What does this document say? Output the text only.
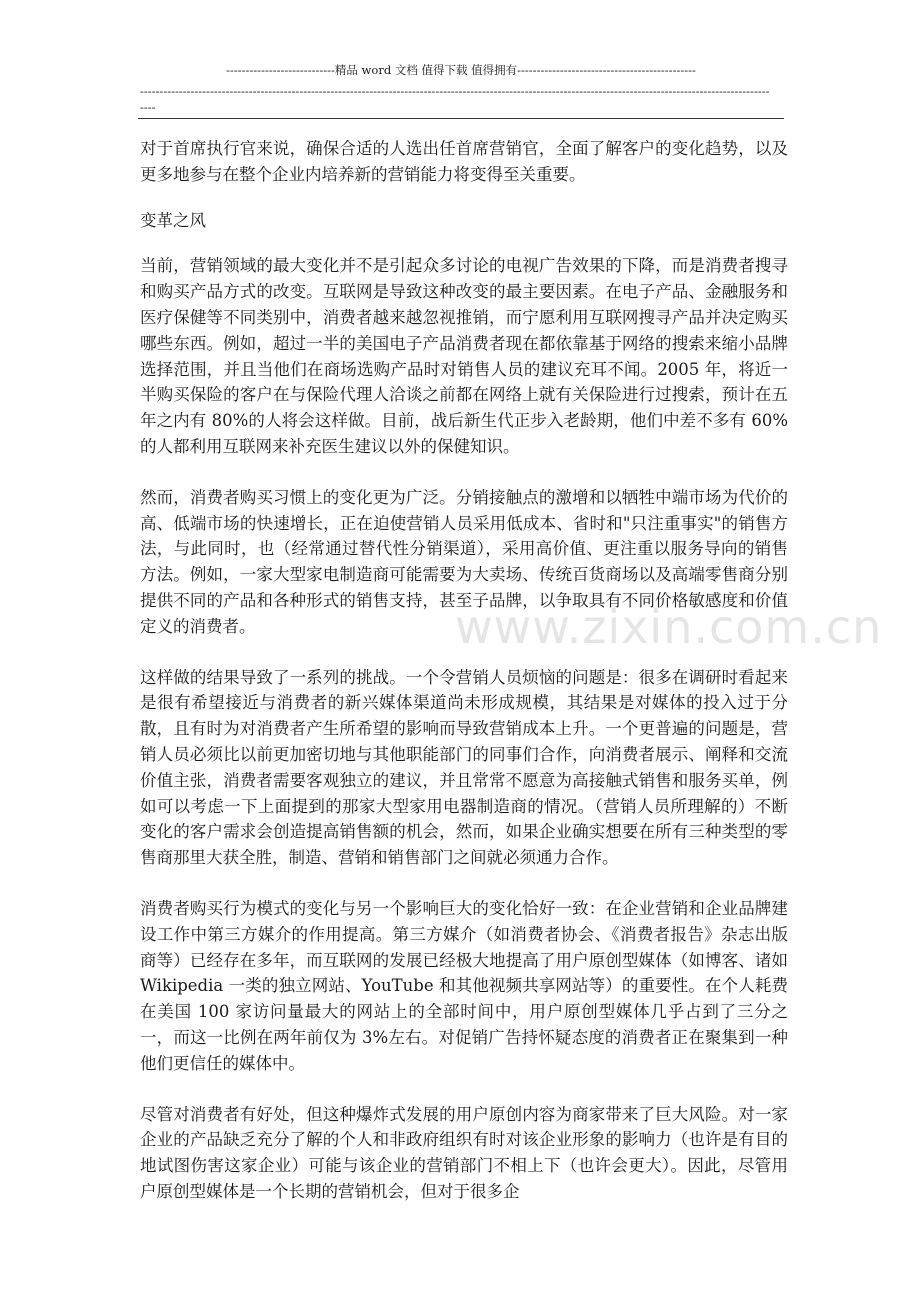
----------------------------精品 word 文档 值得下载 值得拥有----------------------------------------------
------------------------------------------------------------------------------------------------------------------------------------------------------------------
----

对于首席执行官来说，确保合适的人选出任首席营销官，全面了解客户的变化趋势，以及更多地参与在整个企业内培养新的营销能力将变得至关重要。

变革之风

当前，营销领域的最大变化并不是引起众多讨论的电视广告效果的下降，而是消费者搜寻和购买产品方式的改变。互联网是导致这种改变的最主要因素。在电子产品、金融服务和医疗保健等不同类别中，消费者越来越忽视推销，而宁愿利用互联网搜寻产品并决定购买哪些东西。例如，超过一半的美国电子产品消费者现在都依靠基于网络的搜索来缩小品牌选择范围，并且当他们在商场选购产品时对销售人员的建议充耳不闻。2005 年，将近一半购买保险的客户在与保险代理人洽谈之前都在网络上就有关保险进行过搜索，预计在五年之内有 80%的人将会这样做。目前，战后新生代正步入老龄期，他们中差不多有 60%的人都利用互联网来补充医生建议以外的保健知识。

然而，消费者购买习惯上的变化更为广泛。分销接触点的激增和以牺牲中端市场为代价的高、低端市场的快速增长，正在迫使营销人员采用低成本、省时和"只注重事实"的销售方法，与此同时，也（经常通过替代性分销渠道），采用高价值、更注重以服务导向的销售方法。例如，一家大型家电制造商可能需要为大卖场、传统百货商场以及高端零售商分别提供不同的产品和各种形式的销售支持，甚至子品牌，以争取具有不同价格敏感度和价值定义的消费者。

这样做的结果导致了一系列的挑战。一个令营销人员烦恼的问题是：很多在调研时看起来是很有希望接近与消费者的新兴媒体渠道尚未形成规模，其结果是对媒体的投入过于分散，且有时为对消费者产生所希望的影响而导致营销成本上升。一个更普遍的问题是，营销人员必须比以前更加密切地与其他职能部门的同事们合作，向消费者展示、阐释和交流价值主张，消费者需要客观独立的建议，并且常常不愿意为高接触式销售和服务买单，例如可以考虑一下上面提到的那家大型家用电器制造商的情况。（营销人员所理解的）不断变化的客户需求会创造提高销售额的机会，然而，如果企业确实想要在所有三种类型的零售商那里大获全胜，制造、营销和销售部门之间就必须通力合作。

消费者购买行为模式的变化与另一个影响巨大的变化恰好一致：在企业营销和企业品牌建设工作中第三方媒介的作用提高。第三方媒介（如消费者协会、《消费者报告》杂志出版商等）已经存在多年，而互联网的发展已经极大地提高了用户原创型媒体（如博客、诸如 Wikipedia 一类的独立网站、YouTube 和其他视频共享网站等）的重要性。在个人耗费在美国 100 家访问量最大的网站上的全部时间中，用户原创型媒体几乎占到了三分之一，而这一比例在两年前仅为 3%左右。对促销广告持怀疑态度的消费者正在聚集到一种他们更信任的媒体中。

尽管对消费者有好处，但这种爆炸式发展的用户原创内容为商家带来了巨大风险。对一家企业的产品缺乏充分了解的个人和非政府组织有时对该企业形象的影响力（也许是有目的地试图伤害这家企业）可能与该企业的营销部门不相上下（也许会更大）。因此，尽管用户原创型媒体是一个长期的营销机会，但对于很多企

www.zixin.com.cn
